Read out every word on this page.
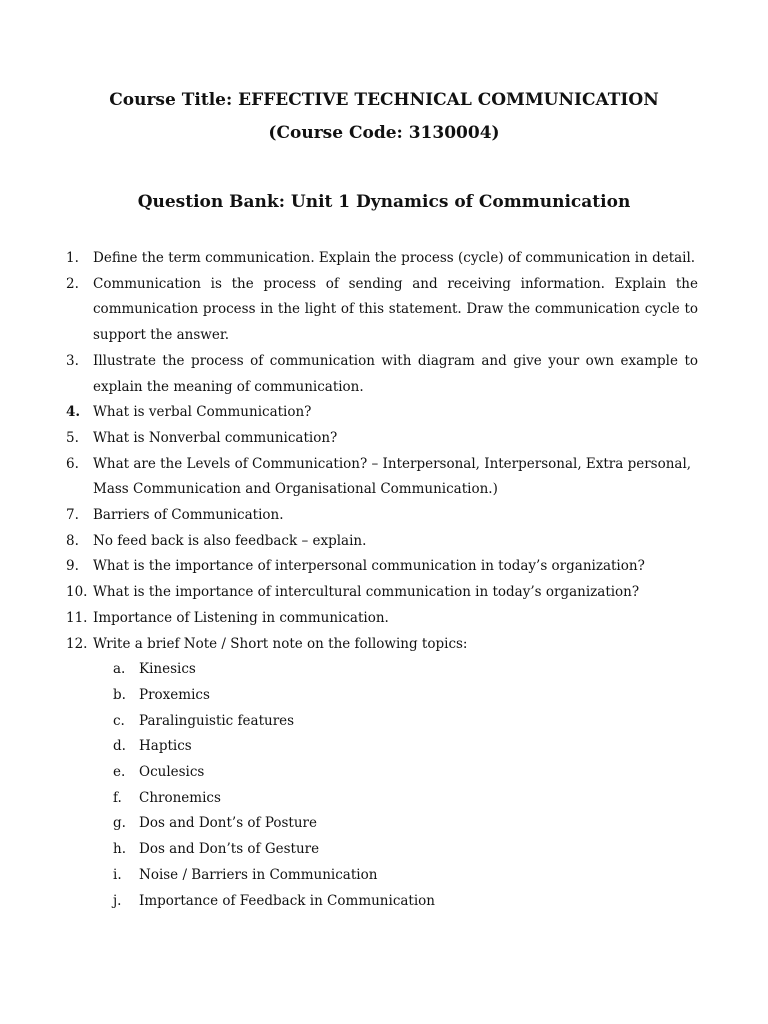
Course Title: EFFECTIVE TECHNICAL COMMUNICATION
(Course Code: 3130004)
Question Bank: Unit 1 Dynamics of Communication
1.	Define the term communication. Explain the process (cycle) of communication in detail.
2.	Communication is the process of sending and receiving information. Explain the communication process in the light of this statement. Draw the communication cycle to support the answer.
3.	Illustrate the process of communication with diagram and give your own example to explain the meaning of communication.
4. What is verbal Communication?
5.	What is Nonverbal communication?
6.	What are the Levels of Communication? – Interpersonal, Interpersonal, Extra personal, Mass Communication and Organisational Communication.)
7.	Barriers of Communication.
8.	No feed back is also feedback – explain.
9.	What is the importance of interpersonal communication in today’s organization?
10. What is the importance of intercultural communication in today’s organization?
11. Importance of Listening in communication.
12. Write a brief Note / Short note on the following topics:
a.	Kinesics
b. Proxemics
c.	Paralinguistic features
d. Haptics
e.	Oculesics
f.	Chronemics
g. Dos and Dont’s of Posture
h. Dos and Don’ts of Gesture
i.	Noise / Barriers in Communication
j.	Importance of Feedback in Communication
